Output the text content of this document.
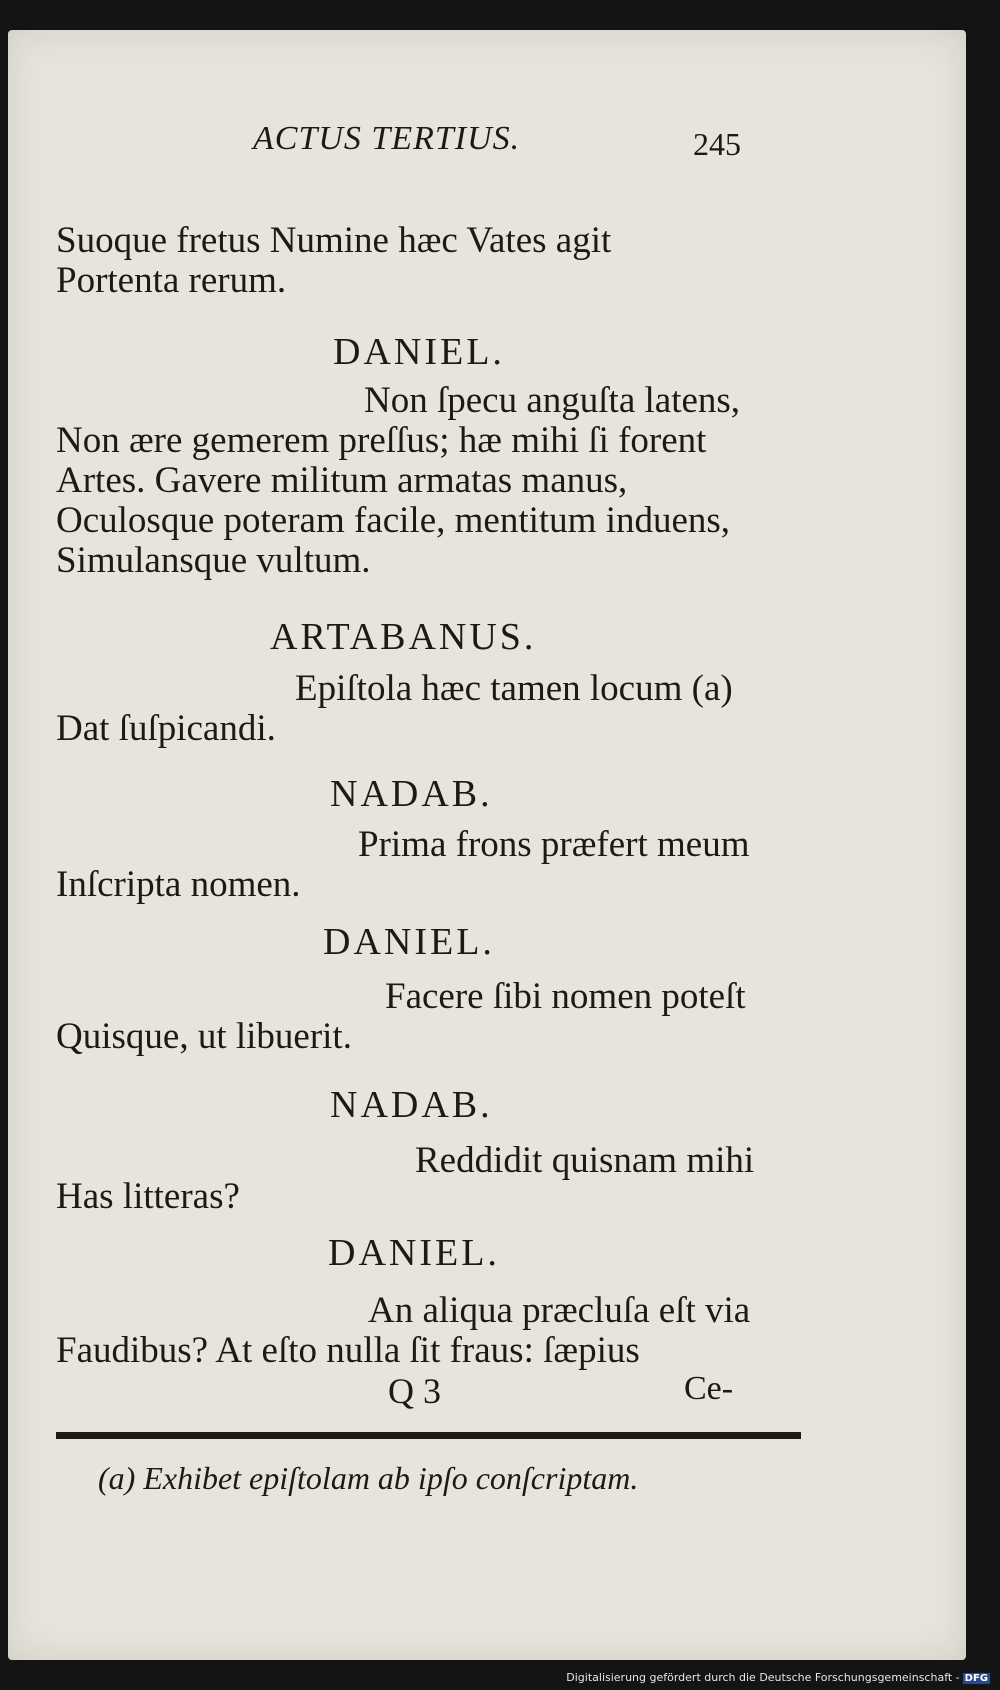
ACTUS TERTIUS.	245
Suoque fretus Numine hæc Vates agit
Portenta rerum.
DANIEL.
Non ſpecu anguſta latens,
Non ære gemerem preſſus; hæ mihi ſi forent
Artes. Gavere militum armatas manus,
Oculosque poteram facile, mentitum induens,
Simulansque vultum.
ARTABANUS.
Epiſtola hæc tamen locum (a)
Dat ſuſpicandi.
NADAB.
Prima frons præfert meum
Inſcripta nomen.
DANIEL.
Facere ſibi nomen poteſt
Quisque, ut libuerit.
NADAB.
Reddidit quisnam mihi
Has litteras?
DANIEL.
An aliqua præcluſa eſt via
Faudibus? At eſto nulla ſit fraus: ſæpius
Q 3	Ce-
(a) Exhibet epiſtolam ab ipſo conſcriptam.
Digitalisierung gefördert durch die Deutsche Forschungsgemeinschaft - DFG
